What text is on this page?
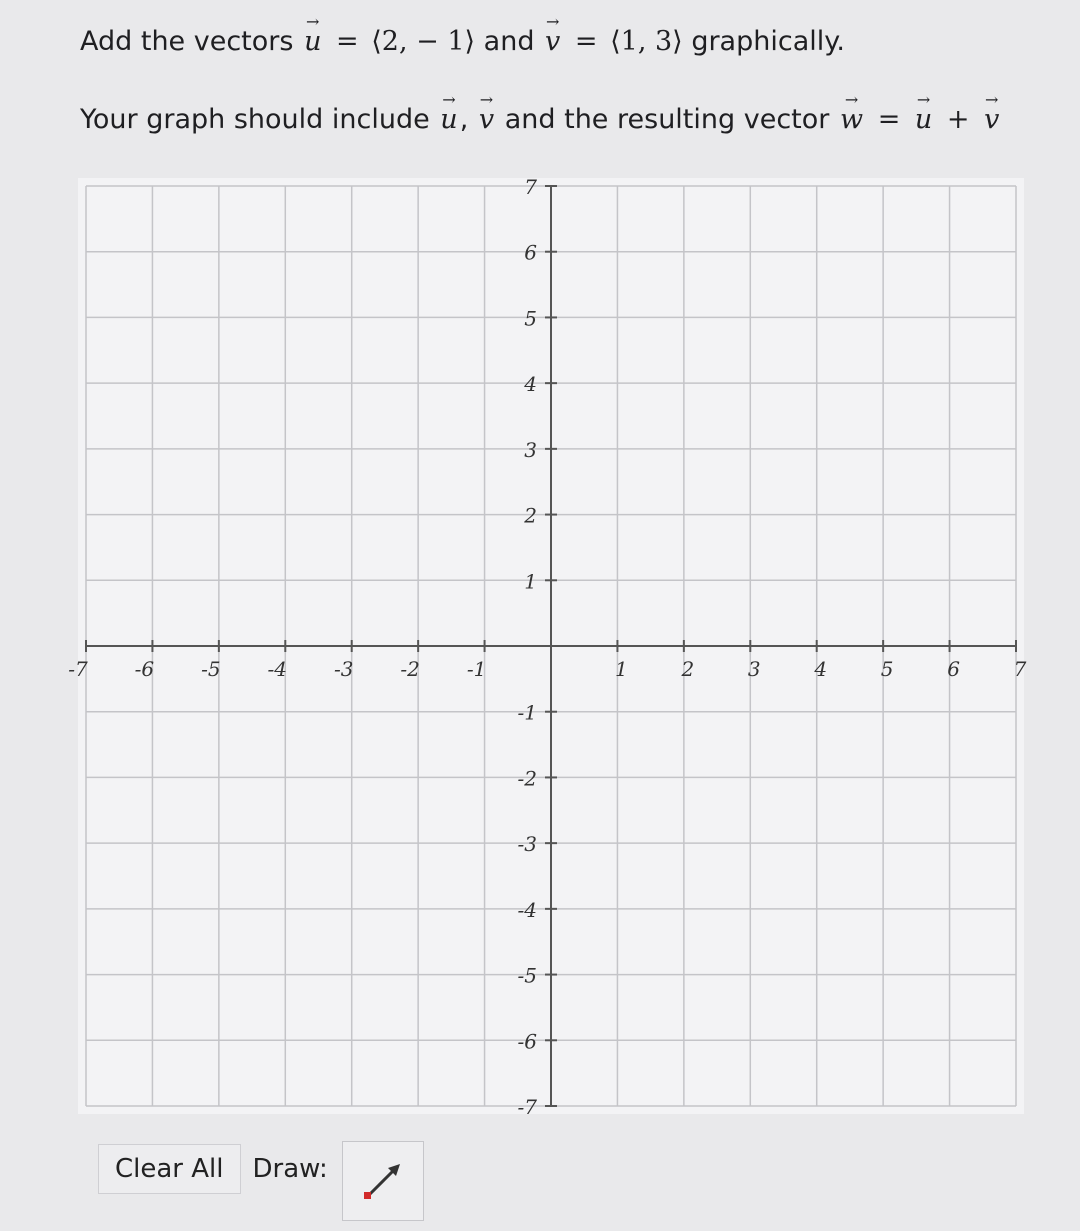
Add the vectors → u = ⟨2, − 1⟩ and → v = ⟨1, 3⟩ graphically.
Your graph should include → u, → v and the resulting vector → w = → u + → v
-7 -6 -5 -4 -3 -2 -1	1	2	3	4	5	6	7
7
6
5
4
3
2
1
-1
-2
-3
-4
-5
-6
-7
Clear All	Draw:
